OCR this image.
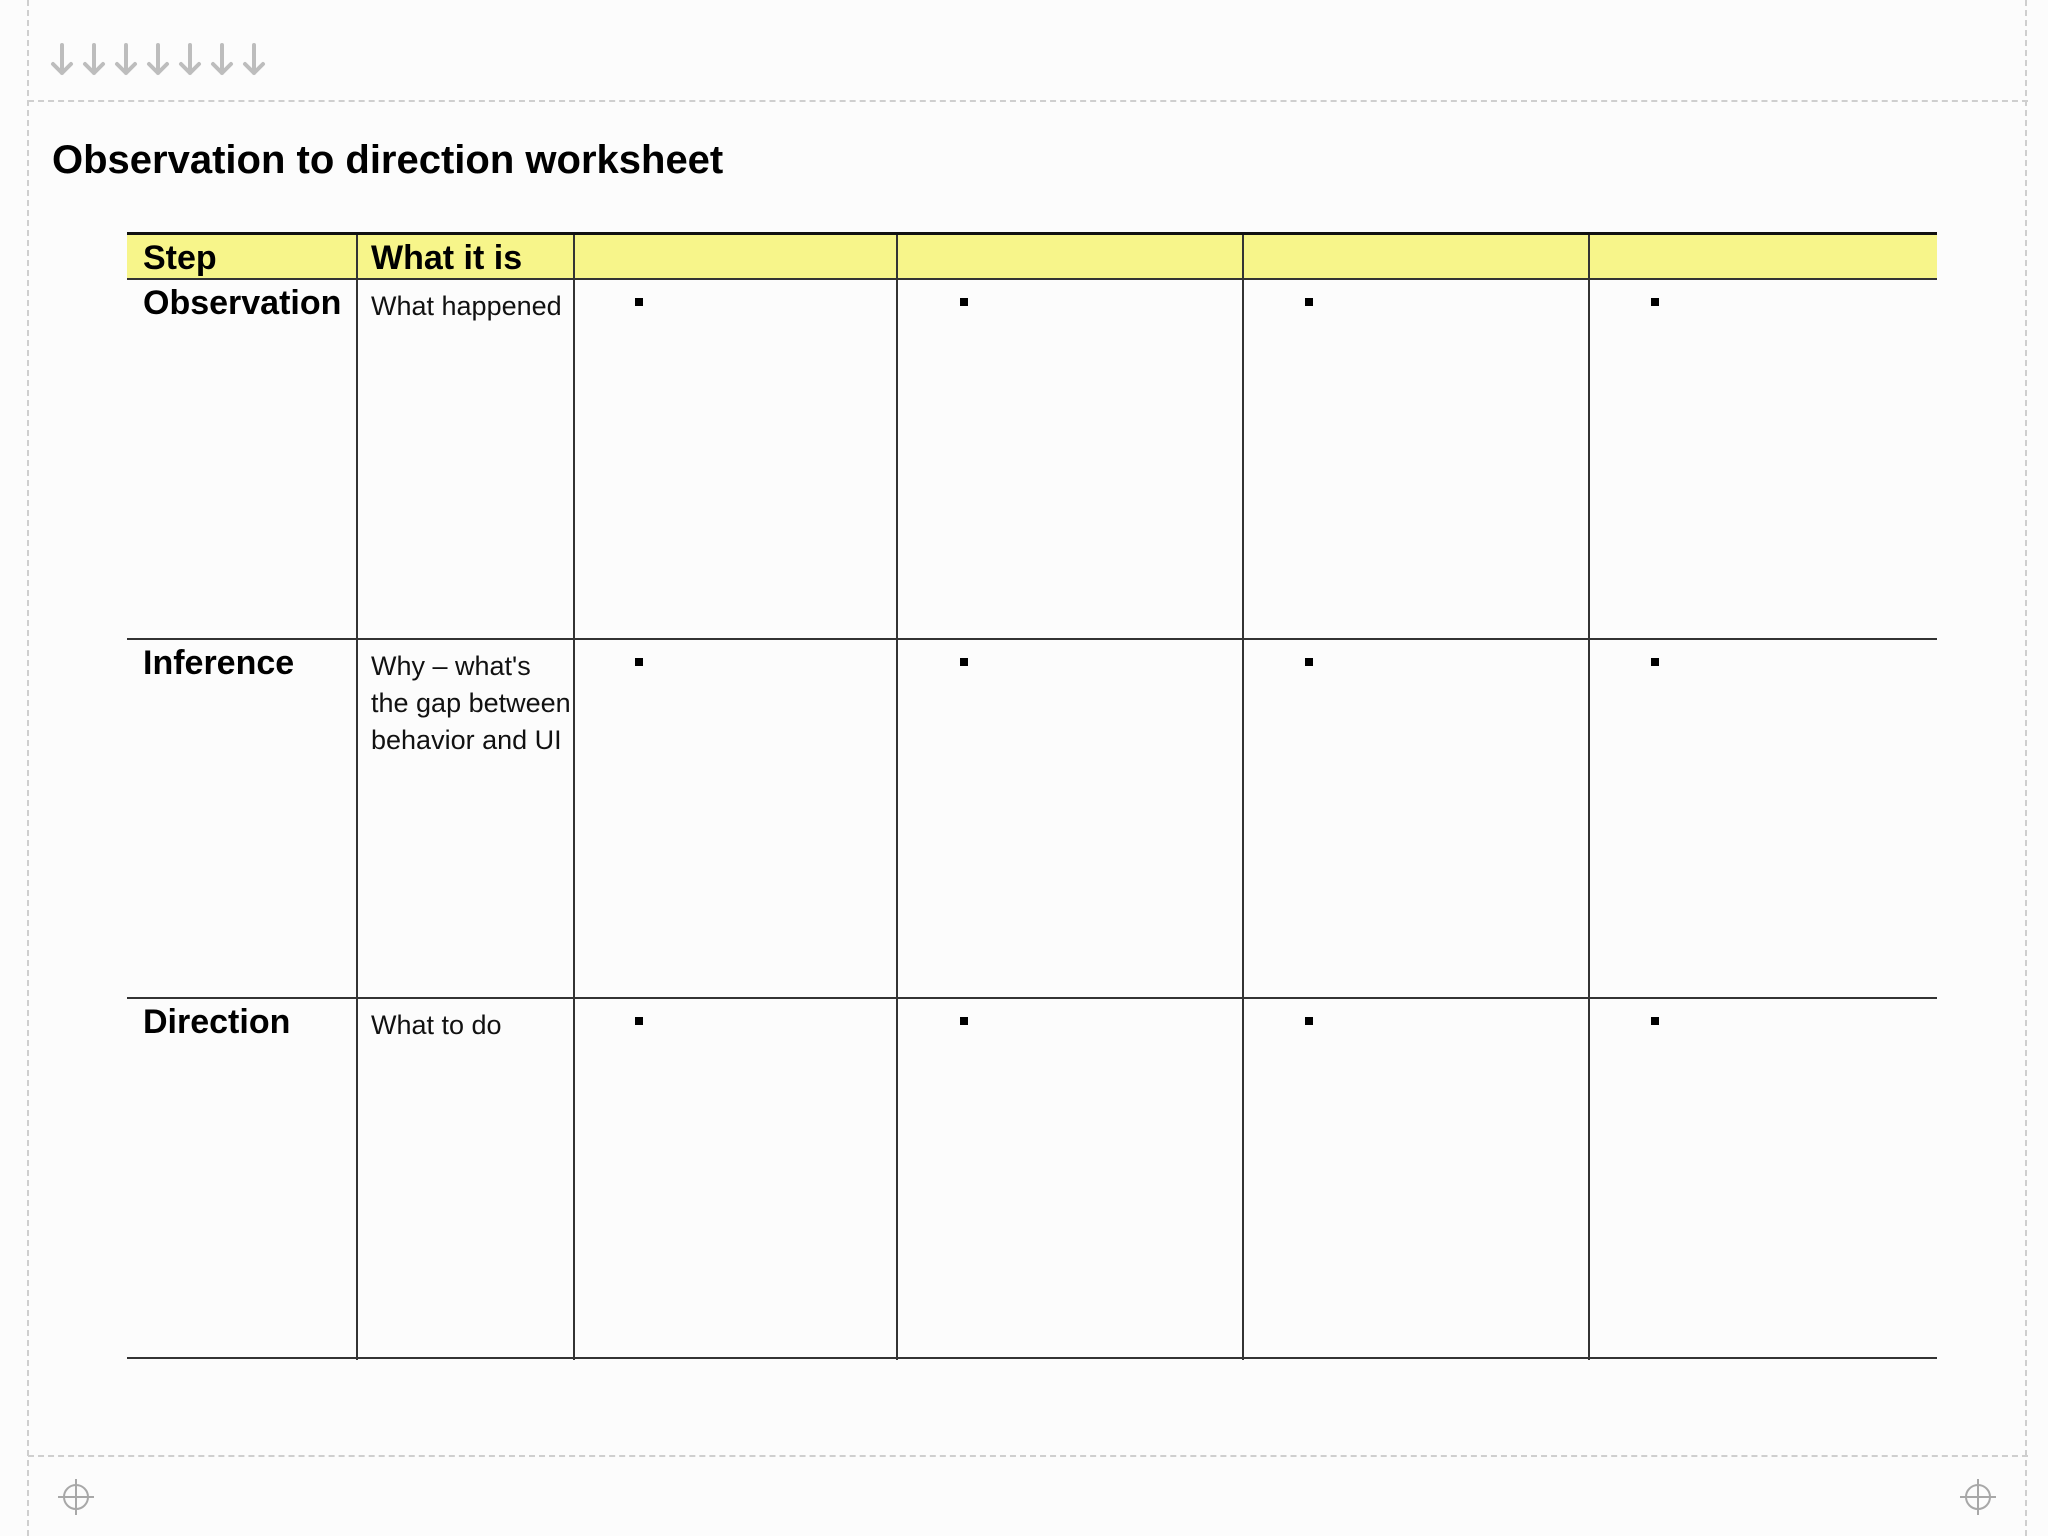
Observation to direction worksheet
Step	What it is
Observation What happened
Inference	Why – what's the gap between behavior and UI
Direction	What to do
